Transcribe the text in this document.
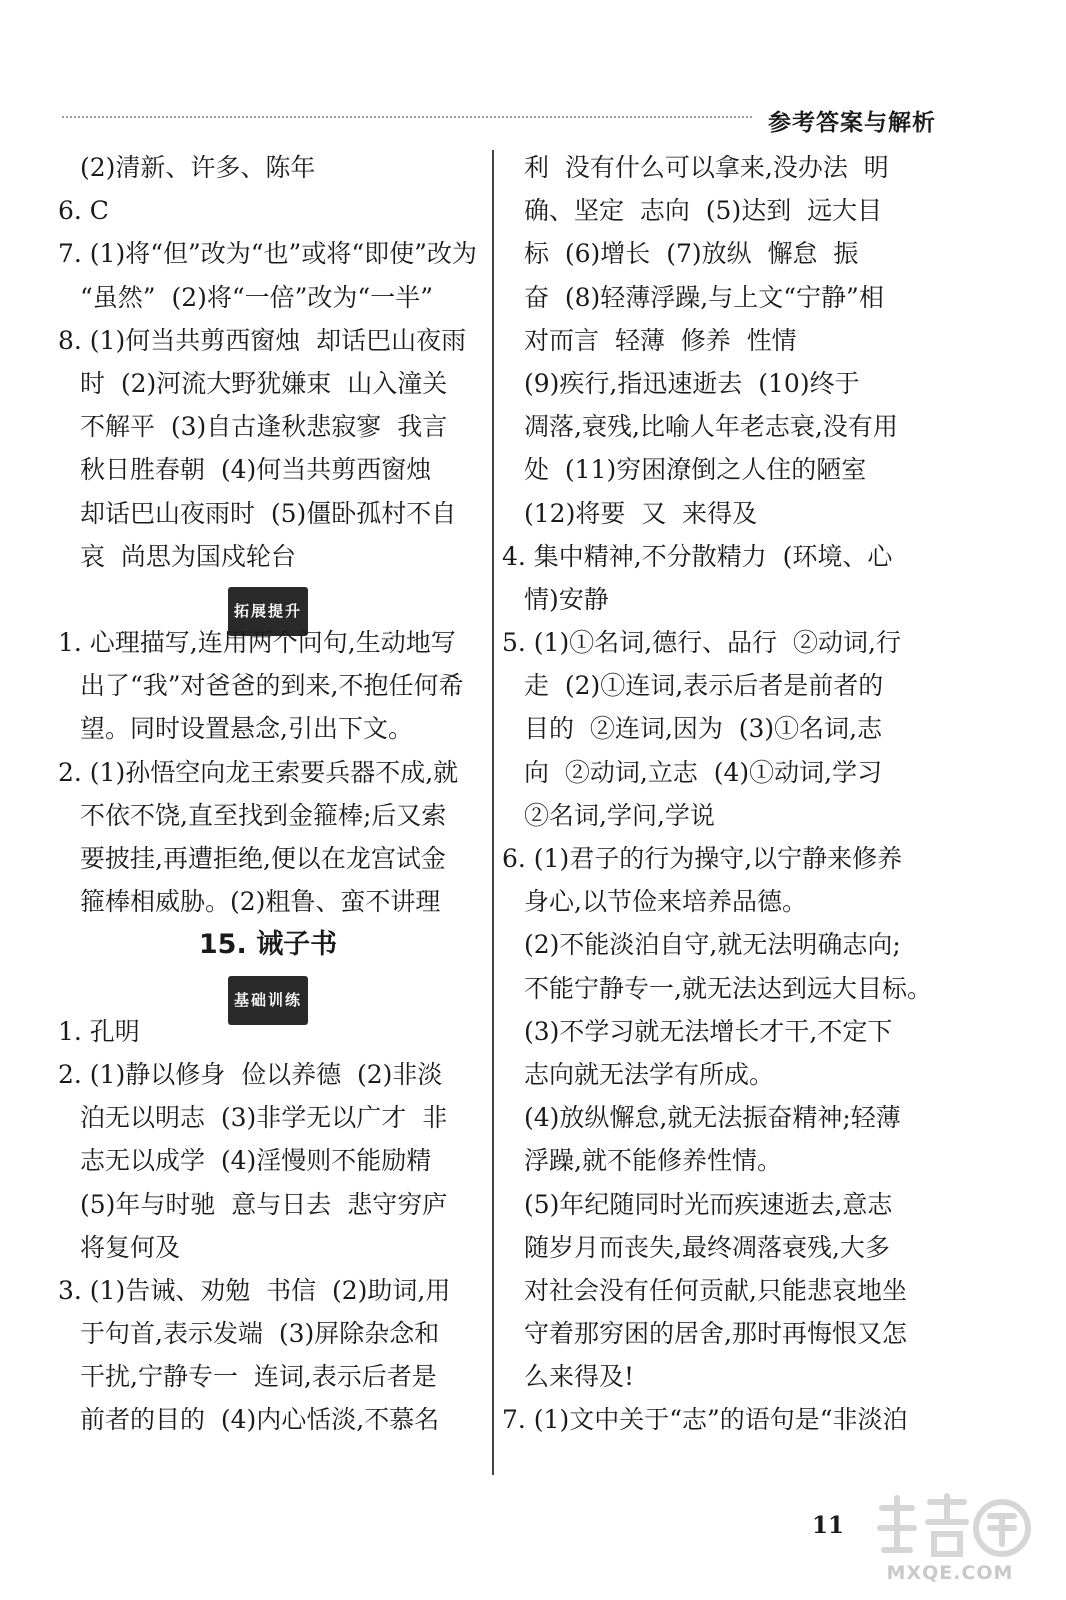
参考答案与解析
(2)清新、许多、陈年
6. C
7. (1)将“但”改为“也”或将“即使”改为
“虽然”  (2)将“一倍”改为“一半”
8. (1)何当共剪西窗烛  却话巴山夜雨
时  (2)河流大野犹嫌束  山入潼关
不解平  (3)自古逢秋悲寂寥  我言
秋日胜春朝  (4)何当共剪西窗烛
却话巴山夜雨时  (5)僵卧孤村不自
哀  尚思为国戍轮台
拓展提升
1. 心理描写,连用两个问句,生动地写
出了“我”对爸爸的到来,不抱任何希
望。同时设置悬念,引出下文。
2. (1)孙悟空向龙王索要兵器不成,就
不依不饶,直至找到金箍棒;后又索
要披挂,再遭拒绝,便以在龙宫试金
箍棒相威胁。(2)粗鲁、蛮不讲理
15. 诫子书
基础训练
1. 孔明
2. (1)静以修身  俭以养德  (2)非淡
泊无以明志  (3)非学无以广才  非
志无以成学  (4)淫慢则不能励精
(5)年与时驰  意与日去  悲守穷庐
将复何及
3. (1)告诫、劝勉  书信  (2)助词,用
于句首,表示发端  (3)屏除杂念和
干扰,宁静专一  连词,表示后者是
前者的目的  (4)内心恬淡,不慕名
利  没有什么可以拿来,没办法  明
确、坚定  志向  (5)达到  远大目
标  (6)增长  (7)放纵  懈怠  振
奋  (8)轻薄浮躁,与上文“宁静”相
对而言  轻薄  修养  性情
(9)疾行,指迅速逝去  (10)终于
凋落,衰残,比喻人年老志衰,没有用
处  (11)穷困潦倒之人住的陋室
(12)将要  又  来得及
4. 集中精神,不分散精力  (环境、心
情)安静
5. (1)①名词,德行、品行  ②动词,行
走  (2)①连词,表示后者是前者的
目的  ②连词,因为  (3)①名词,志
向  ②动词,立志  (4)①动词,学习
②名词,学问,学说
6. (1)君子的行为操守,以宁静来修养
身心,以节俭来培养品德。
(2)不能淡泊自守,就无法明确志向;
不能宁静专一,就无法达到远大目标。
(3)不学习就无法增长才干,不定下
志向就无法学有所成。
(4)放纵懈怠,就无法振奋精神;轻薄
浮躁,就不能修养性情。
(5)年纪随同时光而疾速逝去,意志
随岁月而丧失,最终凋落衰残,大多
对社会没有任何贡献,只能悲哀地坐
守着那穷困的居舍,那时再悔恨又怎
么来得及!
7. (1)文中关于“志”的语句是“非淡泊
11
MXQE.COM
